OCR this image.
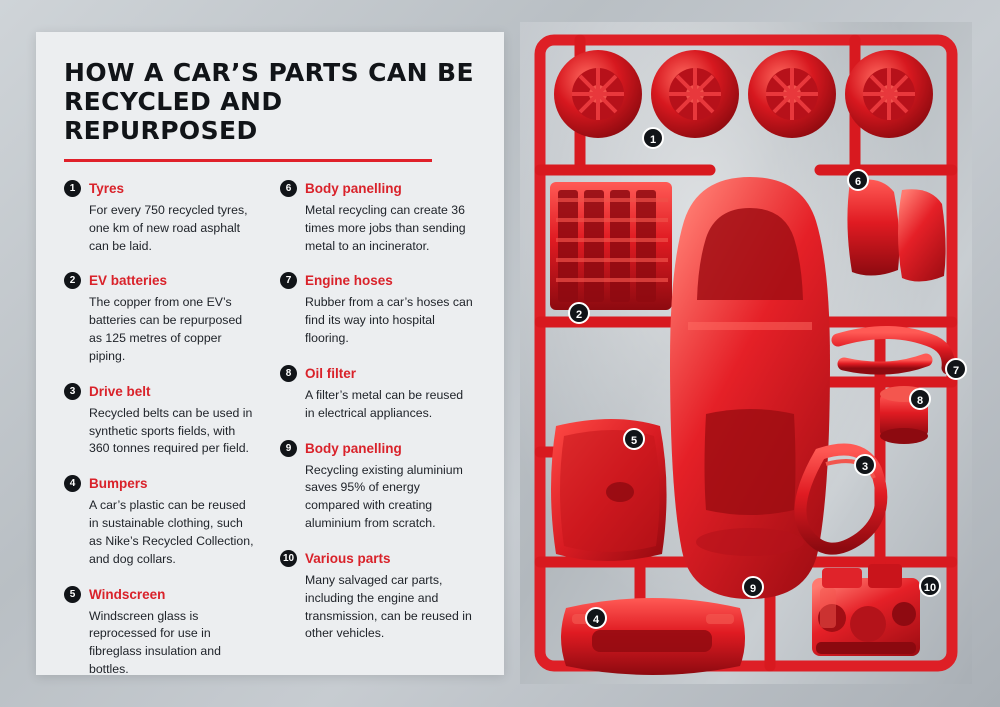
HOW A CAR’S PARTS CAN BE RECYCLED AND REPURPOSED
1	Tyres
For every 750 recycled tyres, one km of new road asphalt can be laid.
2	EV batteries
The copper from one EV’s batteries can be repurposed as 125 metres of copper piping.
3	Drive belt
Recycled belts can be used in synthetic sports fields, with 360 tonnes required per field.
4	Bumpers
A car’s plastic can be reused in sustainable clothing, such as Nike’s Recycled Collection, and dog collars.
5	Windscreen
Windscreen glass is reprocessed for use in fibreglass insulation and bottles.
6	Body panelling
Metal recycling can create 36 times more jobs than sending metal to an incinerator.
7	Engine hoses
Rubber from a car’s hoses can find its way into hospital flooring.
8	Oil filter
A filter’s metal can be reused in electrical appliances.
9	Body panelling
Recycling existing aluminium saves 95% of energy compared with creating aluminium from scratch.
10 Various parts
Many salvaged car parts, including the engine and transmission, can be reused in other vehicles.
1
2
3
4
5
6
7
8
9	10
